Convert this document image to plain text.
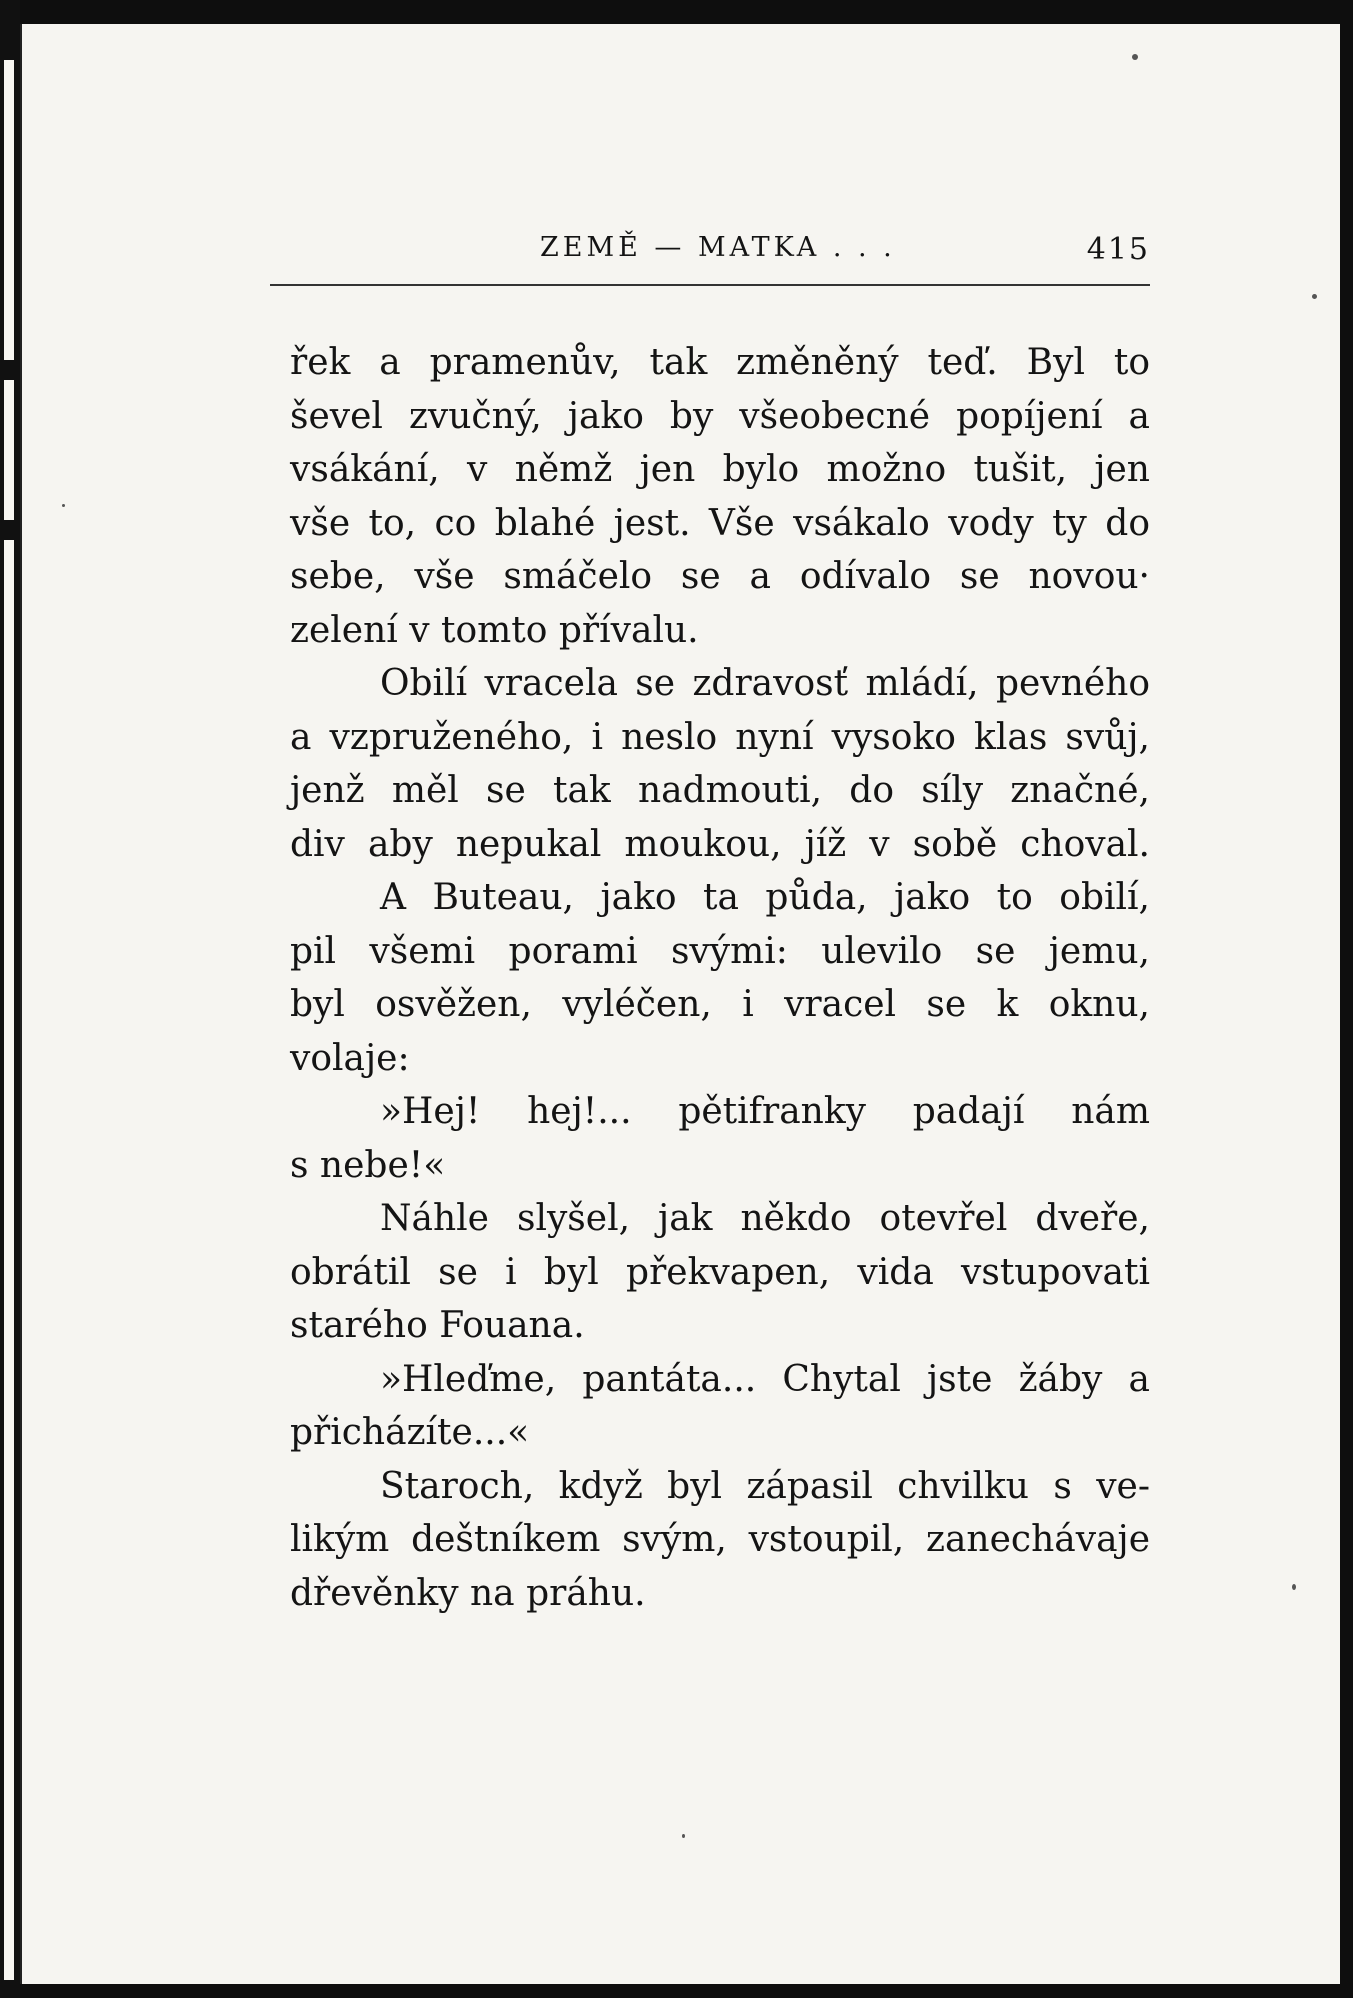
ZEMĚ — MATKA . . .	415
řek a pramenův, tak změněný teď. Byl to
ševel zvučný, jako by všeobecné popíjení a
vsákání, v němž jen bylo možno tušit, jen
vše to, co blahé jest. Vše vsákalo vody ty do
sebe, vše smáčelo se a odívalo se novou·
zelení v tomto přívalu.
Obilí vracela se zdravosť mládí, pevného
a vzpruženého, i neslo nyní vysoko klas svůj,
jenž měl se tak nadmouti, do síly značné,
div aby nepukal moukou, jíž v sobě choval.
A Buteau, jako ta půda, jako to obilí,
pil všemi porami svými: ulevilo se jemu,
byl osvěžen, vyléčen, i vracel se k oknu,
volaje:
»Hej! hej!... pětifranky padají nám
s nebe!«
Náhle slyšel, jak někdo otevřel dveře,
obrátil se i byl překvapen, vida vstupovati
starého Fouana.
»Hleďme, pantáta... Chytal jste žáby a
přicházíte...«
Staroch, když byl zápasil chvilku s ve-
likým deštníkem svým, vstoupil, zanechávaje
dřevěnky na práhu.
